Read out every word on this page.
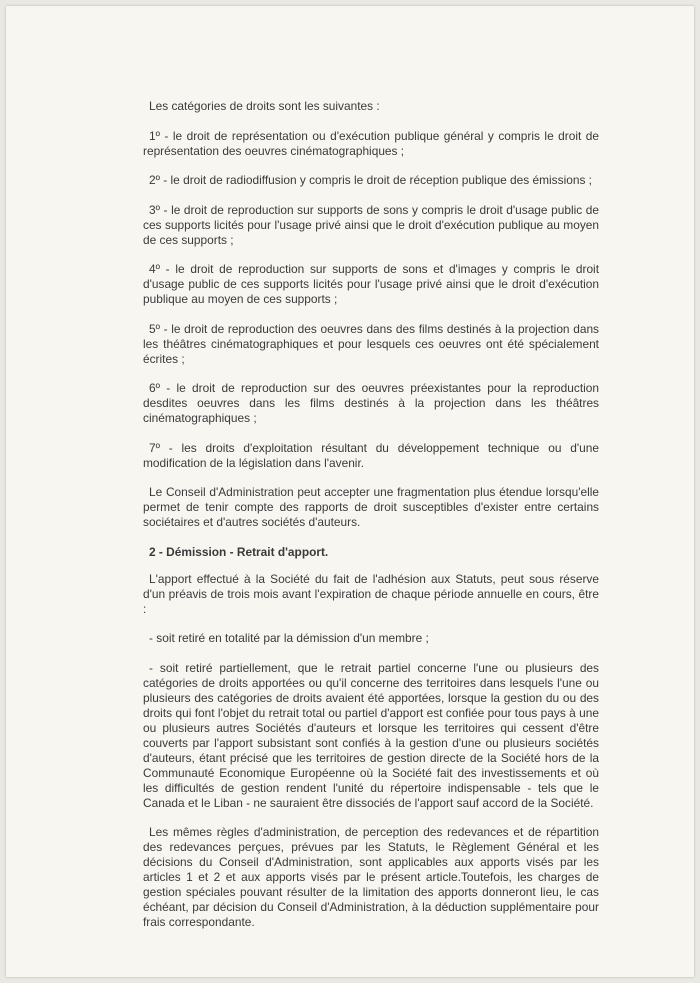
Les catégories de droits sont les suivantes :

1º - le droit de représentation ou d'exécution publique général y compris le droit de représentation des oeuvres cinématographiques ;

2º - le droit de radiodiffusion y compris le droit de réception publique des émissions ;

3º - le droit de reproduction sur supports de sons y compris le droit d'usage public de ces supports licités pour l'usage privé ainsi que le droit d'exécution publique au moyen de ces supports ;

4º - le droit de reproduction sur supports de sons et d'images y compris le droit d'usage public de ces supports licités pour l'usage privé ainsi que le droit d'exécution publique au moyen de ces supports ;

5º - le droit de reproduction des oeuvres dans des films destinés à la projection dans les théâtres cinématographiques et pour lesquels ces oeuvres ont été spécialement écrites ;

6º - le droit de reproduction sur des oeuvres préexistantes pour la reproduction desdites oeuvres dans les films destinés à la projection dans les théâtres cinématographiques ;

7º - les droits d'exploitation résultant du développement technique ou d'une modification de la législation dans l'avenir.

Le Conseil d'Administration peut accepter une fragmentation plus étendue lorsqu'elle permet de tenir compte des rapports de droit susceptibles d'exister entre certains sociétaires et d'autres sociétés d'auteurs.

2 - Démission - Retrait d'apport.

L'apport effectué à la Société du fait de l'adhésion aux Statuts, peut sous réserve d'un préavis de trois mois avant l'expiration de chaque période annuelle en cours, être :

- soit retiré en totalité par la démission d'un membre ;

- soit retiré partiellement, que le retrait partiel concerne l'une ou plusieurs des catégories de droits apportées ou qu'il concerne des territoires dans lesquels l'une ou plusieurs des catégories de droits avaient été apportées, lorsque la gestion du ou des droits qui font l'objet du retrait total ou partiel d'apport est confiée pour tous pays à une ou plusieurs autres Sociétés d'auteurs et lorsque les territoires qui cessent d'être couverts par l'apport subsistant sont confiés à la gestion d'une ou plusieurs sociétés d'auteurs, étant précisé que les territoires de gestion directe de la Société hors de la Communauté Economique Européenne où la Société fait des investissements et où les difficultés de gestion rendent l'unité du répertoire indispensable - tels que le Canada et le Liban - ne sauraient être dissociés de l'apport sauf accord de la Société.

Les mêmes règles d'administration, de perception des redevances et de répartition des redevances perçues, prévues par les Statuts, le Règlement Général et les décisions du Conseil d'Administration, sont applicables aux apports visés par les articles 1 et 2 et aux apports visés par le présent article.Toutefois, les charges de gestion spéciales pouvant résulter de la limitation des apports donneront lieu, le cas échéant, par décision du Conseil d'Administration, à la déduction supplémentaire pour frais correspondante.
